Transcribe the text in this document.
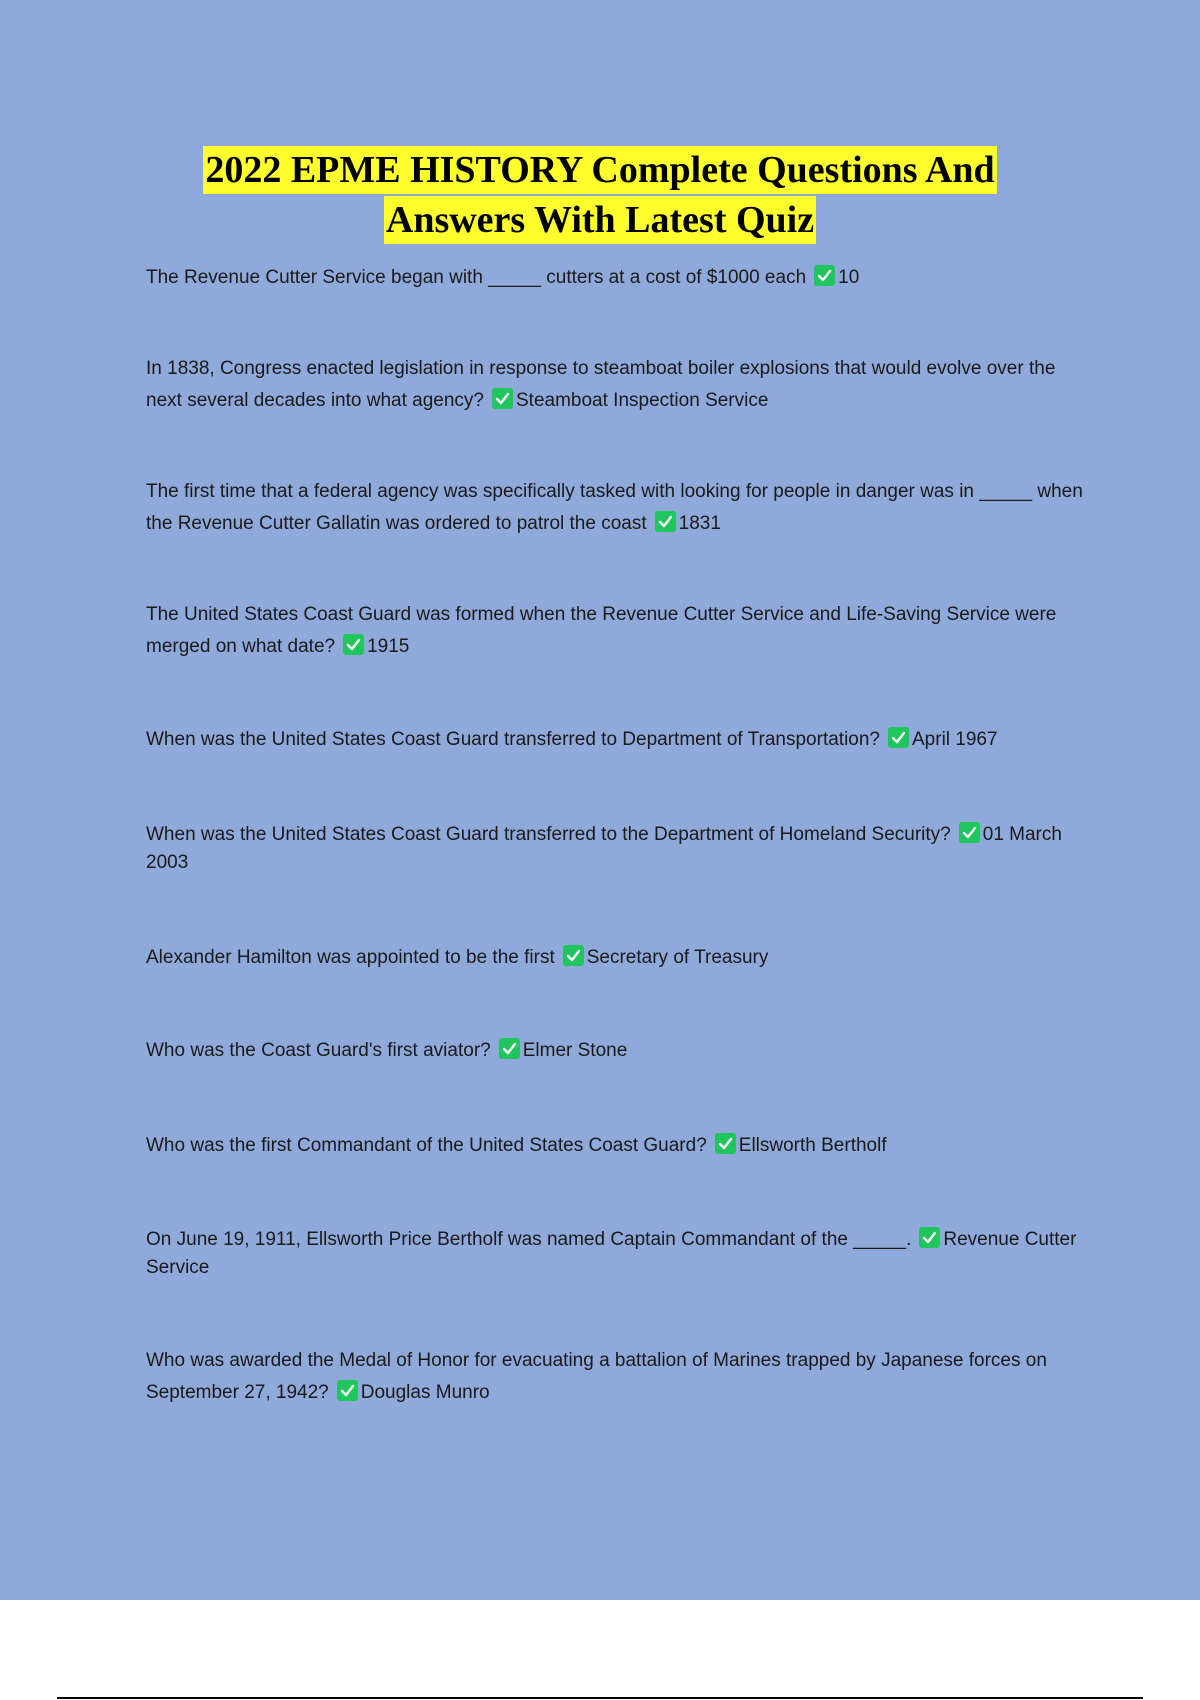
2022 EPME HISTORY Complete Questions And
Answers With Latest Quiz
The Revenue Cutter Service began with _____ cutters at a cost of $1000 each 10
In 1838, Congress enacted legislation in response to steamboat boiler explosions that would evolve over the next several decades into what agency? Steamboat Inspection Service
The first time that a federal agency was specifically tasked with looking for people in danger was in _____ when the Revenue Cutter Gallatin was ordered to patrol the coast 1831
The United States Coast Guard was formed when the Revenue Cutter Service and Life-Saving Service were merged on what date? 1915
When was the United States Coast Guard transferred to Department of Transportation? April 1967
When was the United States Coast Guard transferred to the Department of Homeland Security? 01 March 2003
Alexander Hamilton was appointed to be the first Secretary of Treasury
Who was the Coast Guard's first aviator? Elmer Stone
Who was the first Commandant of the United States Coast Guard? Ellsworth Bertholf
On June 19, 1911, Ellsworth Price Bertholf was named Captain Commandant of the _____. Revenue Cutter Service
Who was awarded the Medal of Honor for evacuating a battalion of Marines trapped by Japanese forces on September 27, 1942? Douglas Munro
